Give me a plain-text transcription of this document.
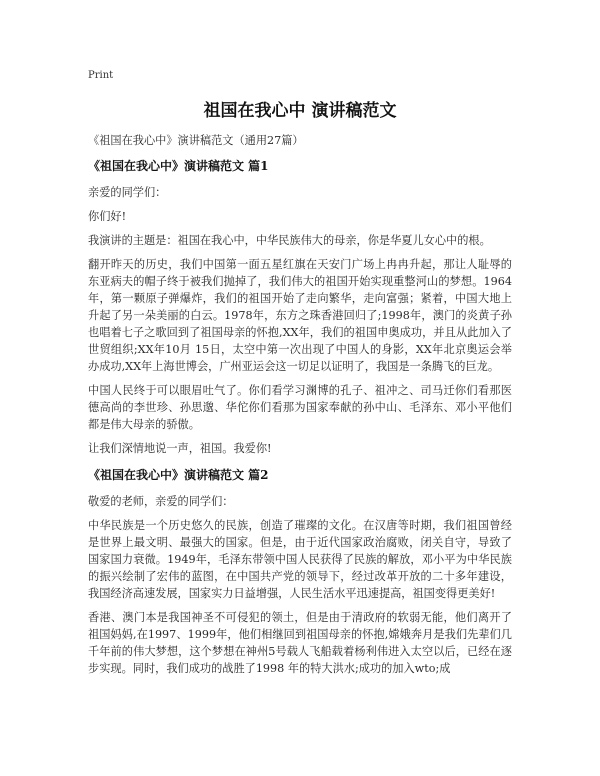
Print
祖国在我心中 演讲稿范文

《祖国在我心中》演讲稿范文（通用27篇）

《祖国在我心中》演讲稿范文 篇1

亲爱的同学们：

你们好!

我演讲的主题是：祖国在我心中，中华民族伟大的母亲，你是华夏儿女心中的根。

翻开昨天的历史，我们中国第一面五星红旗在天安门广场上冉冉升起，那让人耻辱的东亚病夫的帽子终于被我们抛掉了，我们伟大的祖国开始实现重整河山的梦想。1964年，第一颗原子弹爆炸，我们的祖国开始了走向繁华，走向富强；紧着，中国大地上升起了另一朵美丽的白云。1978年，东方之珠香港回归了;1998年，澳门的炎黄子孙也唱着七子之歌回到了祖国母亲的怀抱,XX年，我们的祖国申奥成功，并且从此加入了世贸组织;XX年10月 15日，太空中第一次出现了中国人的身影，XX年北京奥运会举办成功,XX年上海世博会，广州亚运会这一切足以证明了，我国是一条腾飞的巨龙。

中国人民终于可以眼眉吐气了。你们看学习渊博的孔子、祖冲之、司马迁你们看那医德高尚的李世珍、孙思邈、华佗你们看那为国家奉献的孙中山、毛泽东、邓小平他们都是伟大母亲的骄傲。

让我们深情地说一声，祖国。我爱你!

《祖国在我心中》演讲稿范文 篇2

敬爱的老师，亲爱的同学们：

中华民族是一个历史悠久的民族，创造了璀璨的文化。在汉唐等时期，我们祖国曾经是世界上最文明、最强大的国家。但是，由于近代国家政治腐败，闭关自守，导致了国家国力衰微。1949年，毛泽东带领中国人民获得了民族的解放，邓小平为中华民族的振兴绘制了宏伟的蓝图，在中国共产党的领导下，经过改革开放的二十多年建设，我国经济高速发展，国家实力日益增强，人民生活水平迅速提高，祖国变得更美好!

香港、澳门本是我国神圣不可侵犯的领土，但是由于清政府的软弱无能，他们离开了祖国妈妈,在1997、1999年，他们相继回到祖国母亲的怀抱,嫦娥奔月是我们先辈们几千年前的伟大梦想，这个梦想在神州5号载人飞船载着杨利伟进入太空以后，已经在逐步实现。同时，我们成功的战胜了1998 年的特大洪水;成功的加入wto;成
